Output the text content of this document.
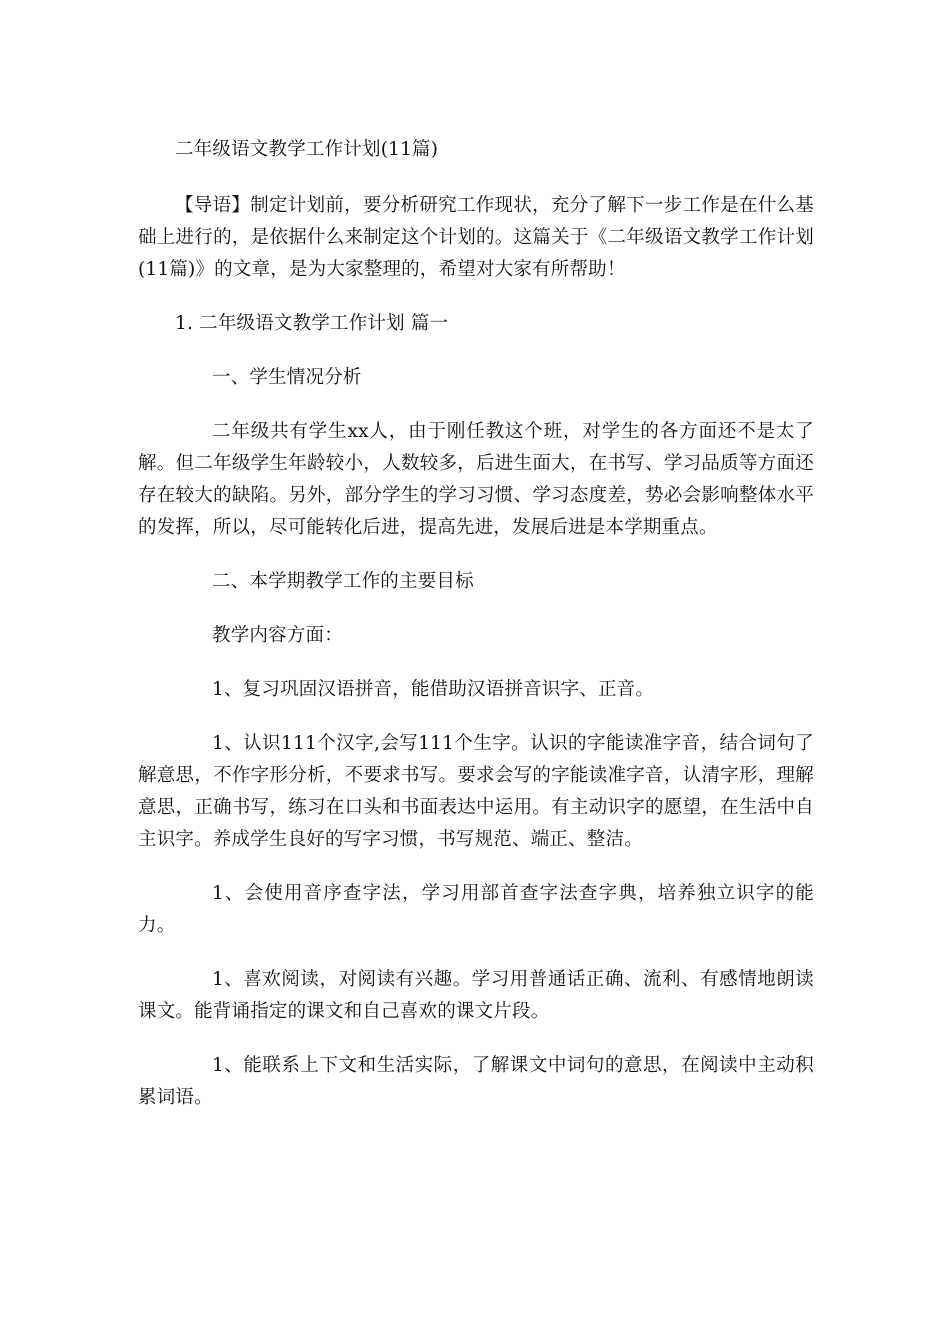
二年级语文教学工作计划(11篇)

【导语】制定计划前，要分析研究工作现状，充分了解下一步工作是在什么基础上进行的，是依据什么来制定这个计划的。这篇关于《二年级语文教学工作计划(11篇)》的文章，是为大家整理的，希望对大家有所帮助！

1. 二年级语文教学工作计划 篇一

一、学生情况分析

二年级共有学生xx人，由于刚任教这个班，对学生的各方面还不是太了解。但二年级学生年龄较小，人数较多，后进生面大，在书写、学习品质等方面还存在较大的缺陷。另外，部分学生的学习习惯、学习态度差，势必会影响整体水平的发挥，所以，尽可能转化后进，提高先进，发展后进是本学期重点。

二、本学期教学工作的主要目标

教学内容方面：

1、复习巩固汉语拼音，能借助汉语拼音识字、正音。

1、认识111个汉字,会写111个生字。认识的字能读准字音，结合词句了解意思，不作字形分析，不要求书写。要求会写的字能读准字音，认清字形，理解意思，正确书写，练习在口头和书面表达中运用。有主动识字的愿望，在生活中自主识字。养成学生良好的写字习惯，书写规范、端正、整洁。

1、会使用音序查字法，学习用部首查字法查字典，培养独立识字的能力。

1、喜欢阅读，对阅读有兴趣。学习用普通话正确、流利、有感情地朗读课文。能背诵指定的课文和自己喜欢的课文片段。

1、能联系上下文和生活实际，了解课文中词句的意思，在阅读中主动积累词语。
